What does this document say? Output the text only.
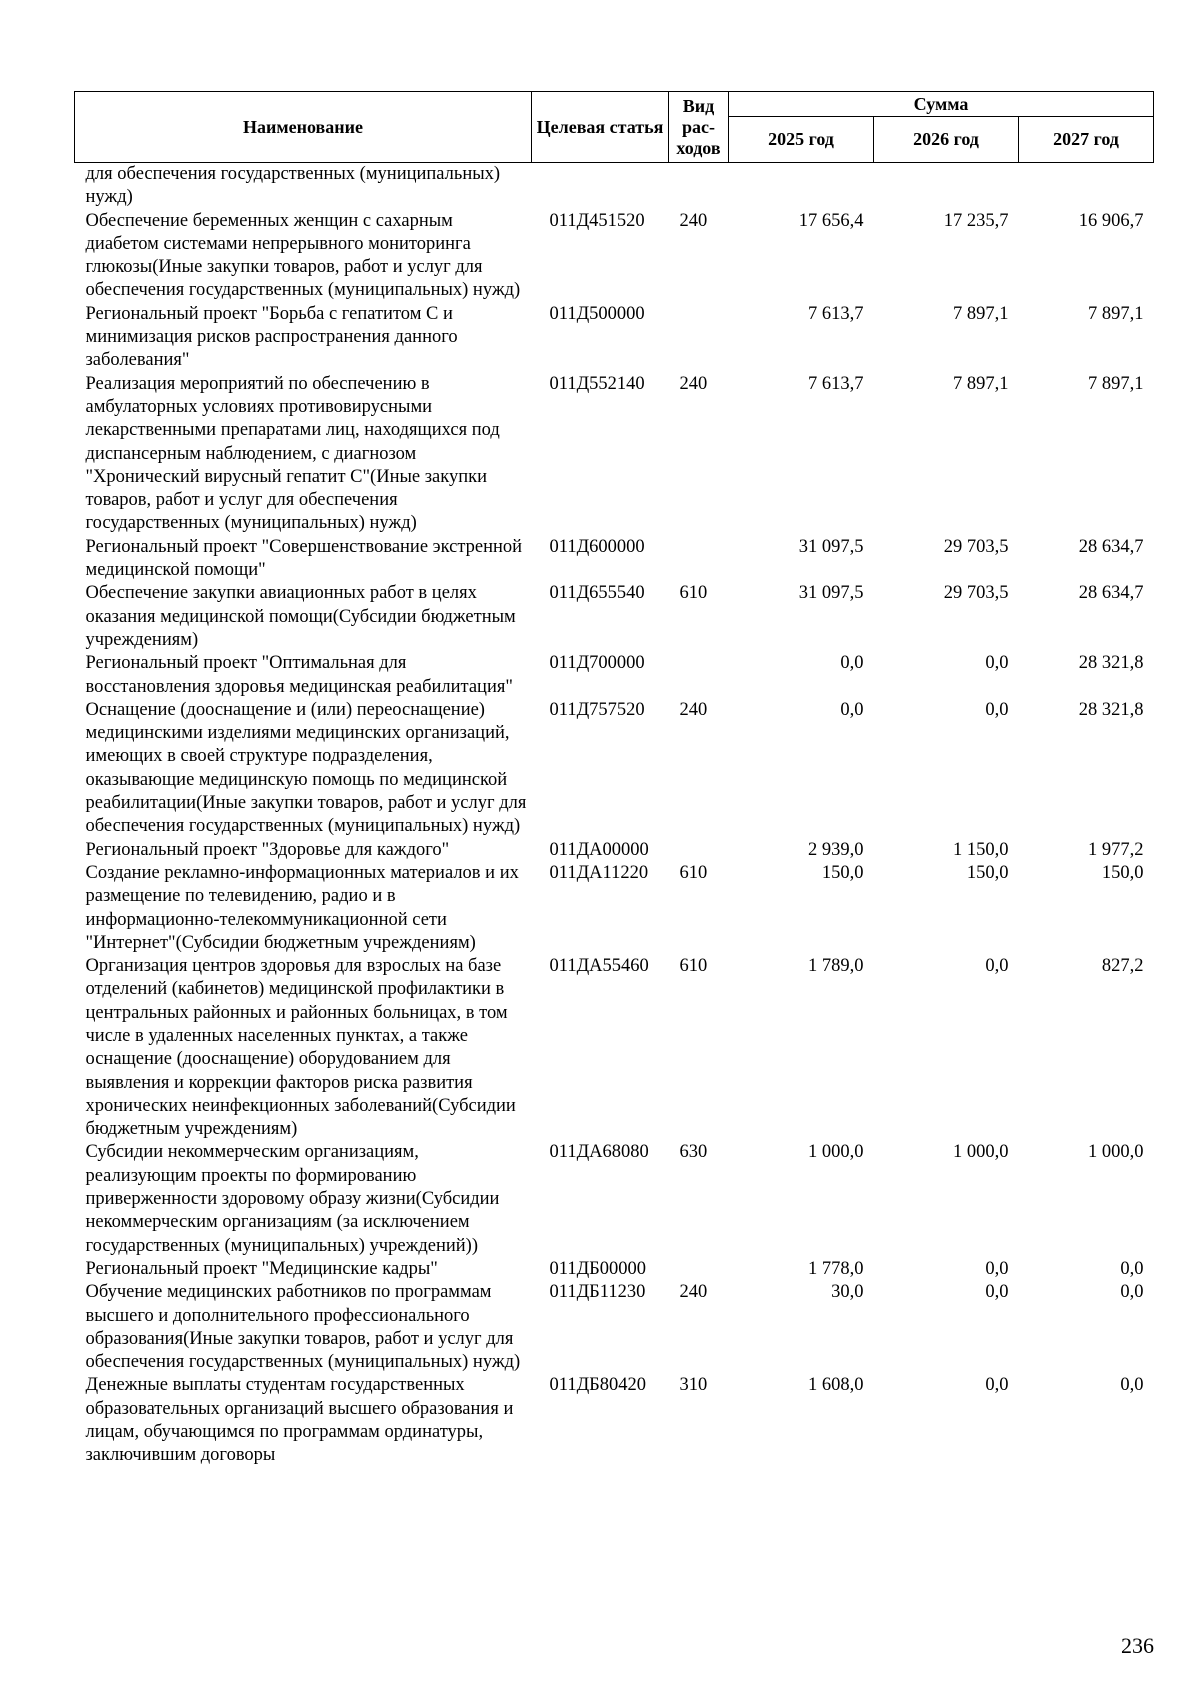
Наименование	Целевая статья	Вид рас-ходов	Сумма		
			2025 год	2026 год	2027 год
для обеспечения государственных (муниципальных) нужд)					
Обеспечение беременных женщин с сахарным диабетом системами непрерывного мониторинга глюкозы(Иные закупки товаров, работ и услуг для обеспечения государственных (муниципальных) нужд)	011Д451520	240	17 656,4	17 235,7	16 906,7
Региональный проект "Борьба с гепатитом С и минимизация рисков распространения данного заболевания"	011Д500000		7 613,7	7 897,1	7 897,1
Реализация мероприятий по обеспечению в амбулаторных условиях противовирусными лекарственными препаратами лиц, находящихся под диспансерным наблюдением, с диагнозом "Хронический вирусный гепатит С"(Иные закупки товаров, работ и услуг для обеспечения государственных (муниципальных) нужд)	011Д552140	240	7 613,7	7 897,1	7 897,1
Региональный проект "Совершенствование экстренной медицинской помощи"	011Д600000		31 097,5	29 703,5	28 634,7
Обеспечение закупки авиационных работ в целях оказания медицинской помощи(Субсидии бюджетным учреждениям)	011Д655540	610	31 097,5	29 703,5	28 634,7
Региональный проект "Оптимальная для восстановления здоровья медицинская реабилитация"	011Д700000		0,0	0,0	28 321,8
Оснащение (дооснащение и (или) переоснащение) медицинскими изделиями медицинских организаций, имеющих в своей структуре подразделения, оказывающие медицинскую помощь по медицинской реабилитации(Иные закупки товаров, работ и услуг для обеспечения государственных (муниципальных) нужд)	011Д757520	240	0,0	0,0	28 321,8
Региональный проект "Здоровье для каждого"	011ДА00000		2 939,0	1 150,0	1 977,2
Создание рекламно-информационных материалов и их размещение по телевидению, радио и в информационно-телекоммуникационной сети "Интернет"(Субсидии бюджетным учреждениям)	011ДА11220	610	150,0	150,0	150,0
Организация центров здоровья для взрослых на базе отделений (кабинетов) медицинской профилактики в центральных районных и районных больницах, в том числе в удаленных населенных пунктах, а также оснащение (дооснащение) оборудованием для выявления и коррекции факторов риска развития хронических неинфекционных заболеваний(Субсидии бюджетным учреждениям)	011ДА55460	610	1 789,0	0,0	827,2
Субсидии некоммерческим организациям, реализующим проекты по формированию приверженности здоровому образу жизни(Субсидии некоммерческим организациям (за исключением государственных (муниципальных) учреждений))	011ДА68080	630	1 000,0	1 000,0	1 000,0
Региональный проект "Медицинские кадры"	011ДБ00000		1 778,0	0,0	0,0
Обучение медицинских работников по программам высшего и дополнительного профессионального образования(Иные закупки товаров, работ и услуг для обеспечения государственных (муниципальных) нужд)	011ДБ11230	240	30,0	0,0	0,0
Денежные выплаты студентам государственных образовательных организаций высшего образования и лицам, обучающимся по программам ординатуры, заключившим договоры	011ДБ80420	310	1 608,0	0,0	0,0
236
